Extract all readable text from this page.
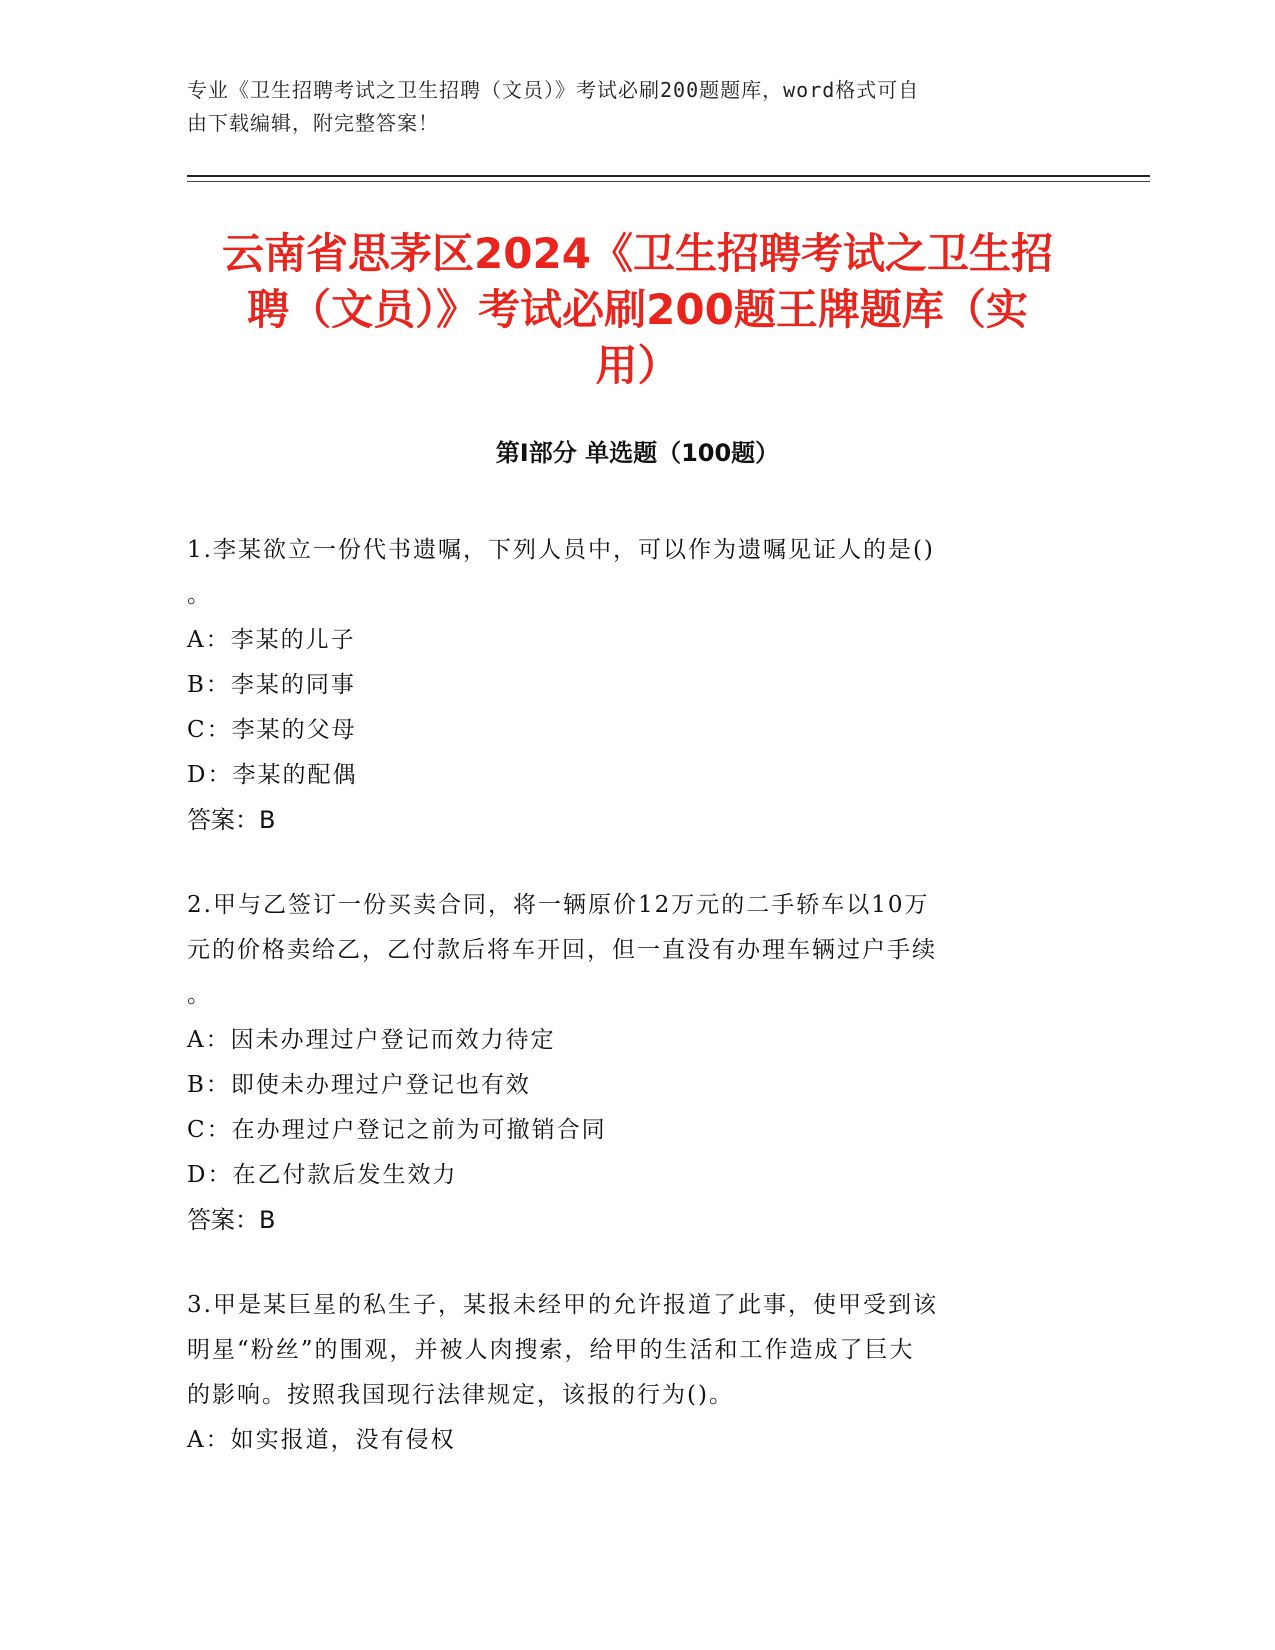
专业《卫生招聘考试之卫生招聘（文员）》考试必刷200题题库，word格式可自
由下载编辑，附完整答案！
云南省思茅区2024《卫生招聘考试之卫生招
聘（文员）》考试必刷200题王牌题库（实
用）
第Ⅰ部分 单选题（100题）

1.李某欲立一份代书遗嘱，下列人员中，可以作为遗嘱见证人的是()

。

A：李某的儿子

B：李某的同事

C：李某的父母

D：李某的配偶

答案：B

2.甲与乙签订一份买卖合同，将一辆原价12万元的二手轿车以10万

元的价格卖给乙，乙付款后将车开回，但一直没有办理车辆过户手续

。

A：因未办理过户登记而效力待定

B：即使未办理过户登记也有效

C：在办理过户登记之前为可撤销合同

D：在乙付款后发生效力

答案：B

3.甲是某巨星的私生子，某报未经甲的允许报道了此事，使甲受到该

明星“粉丝”的围观，并被人肉搜索，给甲的生活和工作造成了巨大

的影响。按照我国现行法律规定，该报的行为()。

A：如实报道，没有侵权
